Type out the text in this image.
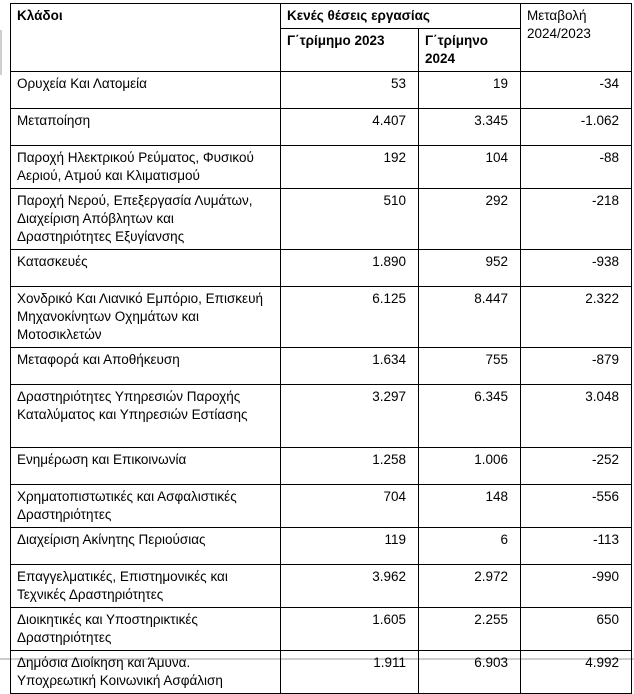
Κλάδοι	Κενές θέσεις εργασίας		Μεταβολή 2024/2023
	Γ΄τρίμημο 2023	Γ΄τρίμηνο 2024	
Ορυχεία Και Λατομεία	53	19	-34
Μεταποίηση	4.407	3.345	-1.062
Παροχή Ηλεκτρικού Ρεύματος, Φυσικού Αεριού, Ατμού και Κλιματισμού	192	104	-88
Παροχή Νερού, Επεξεργασία Λυμάτων, Διαχείριση Απόβλητων και Δραστηριότητες Εξυγίανσης	510	292	-218
Κατασκευές	1.890	952	-938
Χονδρικό Και Λιανικό Εμπόριο, Επισκευή Μηχανοκίνητων Οχημάτων και Μοτοσικλετών	6.125	8.447	2.322
Μεταφορά και Αποθήκευση	1.634	755	-879
Δραστηριότητες Υπηρεσιών Παροχής Καταλύματος και Υπηρεσιών Εστίασης	3.297	6.345	3.048
Ενημέρωση και Επικοινωνία	1.258	1.006	-252
Χρηματοπιστωτικές και Ασφαλιστικές Δραστηριότητες	704	148	-556
Διαχείριση Ακίνητης Περιούσιας	119	6	-113
Επαγγελματικές, Επιστημονικές και Τεχνικές Δραστηριότητες	3.962	2.972	-990
Διοικητικές και Υποστηρικτικές Δραστηριότητες	1.605	2.255	650
Δημόσια Διοίκηση και Άμυνα. Υποχρεωτική Κοινωνική Ασφάλιση	1.911	6.903	4.992
